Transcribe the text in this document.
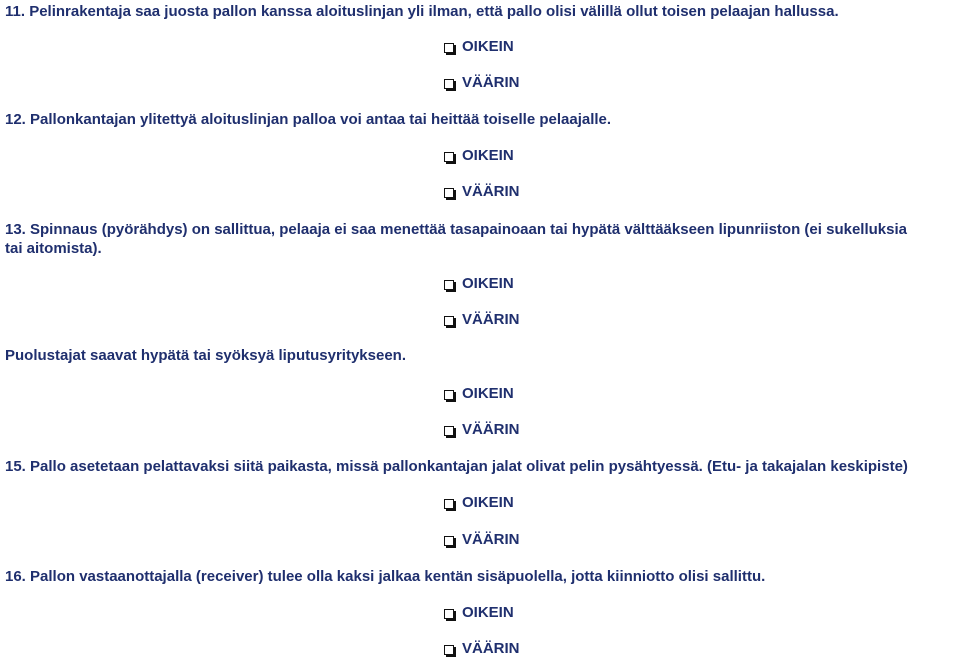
11. Pelinrakentaja saa juosta pallon kanssa aloituslinjan yli ilman, että pallo olisi välillä ollut toisen pelaajan hallussa.
OIKEIN
VÄÄRIN
12. Pallonkantajan ylitettyä aloituslinjan palloa voi antaa tai heittää toiselle pelaajalle.
OIKEIN
VÄÄRIN
13. Spinnaus (pyörähdys) on sallittua, pelaaja ei saa menettää tasapainoaan tai hypätä välttääkseen lipunriiston (ei sukelluksia
tai aitomista).
OIKEIN
VÄÄRIN
Puolustajat saavat hypätä tai syöksyä liputusyritykseen.
OIKEIN
VÄÄRIN
15. Pallo asetetaan pelattavaksi siitä paikasta, missä pallonkantajan jalat olivat pelin pysähtyessä. (Etu- ja takajalan keskipiste)
OIKEIN
VÄÄRIN
16. Pallon vastaanottajalla (receiver) tulee olla kaksi jalkaa kentän sisäpuolella, jotta kiinniotto olisi sallittu.
OIKEIN
VÄÄRIN
